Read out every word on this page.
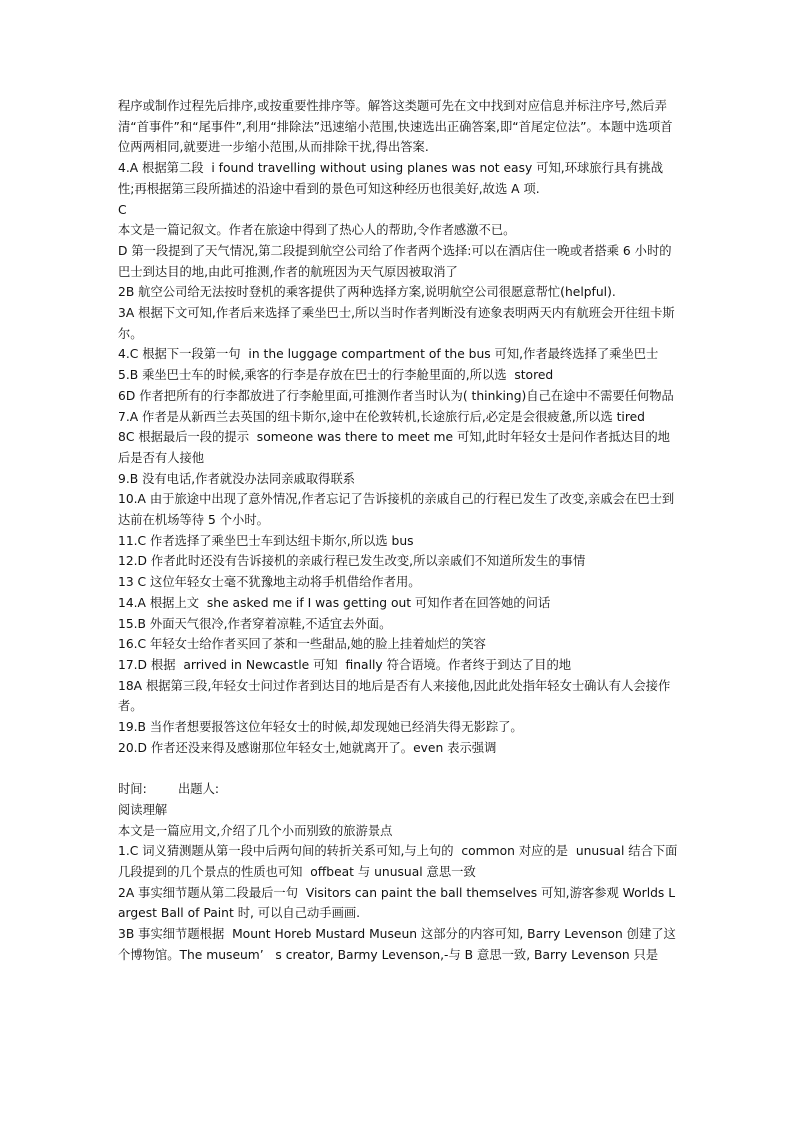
程序或制作过程先后排序,或按重要性排序等。解答这类题可先在文中找到对应信息并标注序号,然后弄清“首事件”和“尾事件”,利用“排除法”迅速缩小范围,快速选出正确答案,即“首尾定位法”。本题中选项首位两两相同,就要进一步缩小范围,从而排除干扰,得出答案.

4.A 根据第二段  i found travelling without using planes was not easy 可知,环球旅行具有挑战性;再根据第三段所描述的沿途中看到的景色可知这种经历也很美好,故选 A 项.

C

本文是一篇记叙文。作者在旅途中得到了热心人的帮助,令作者感激不已。

D 第一段提到了天气情况,第二段提到航空公司给了作者两个选择:可以在酒店住一晚或者搭乘 6 小时的巴士到达目的地,由此可推测,作者的航班因为天气原因被取消了

2B 航空公司给无法按时登机的乘客提供了两种选择方案,说明航空公司很愿意帮忙(helpful).

3A 根据下文可知,作者后来选择了乘坐巴士,所以当时作者判断没有迹象表明两天内有航班会开往纽卡斯尔。

4.C 根据下一段第一句  in the luggage compartment of the bus 可知,作者最终选择了乘坐巴士

5.B 乘坐巴士车的时候,乘客的行李是存放在巴士的行李舱里面的,所以选  stored

6D 作者把所有的行李都放进了行李舱里面,可推测作者当时认为( thinking)自己在途中不需要任何物品

7.A 作者是从新西兰去英国的纽卡斯尔,途中在伦敦转机,长途旅行后,必定是会很疲惫,所以选 tired

8C 根据最后一段的提示  someone was there to meet me 可知,此时年轻女士是问作者抵达目的地后是否有人接他

9.B 没有电话,作者就没办法同亲戚取得联系

10.A 由于旅途中出现了意外情况,作者忘记了告诉接机的亲戚自己的行程已发生了改变,亲戚会在巴士到达前在机场等待 5 个小时。

11.C 作者选择了乘坐巴士车到达纽卡斯尔,所以选 bus

12.D 作者此时还没有告诉接机的亲戚行程已发生改变,所以亲戚们不知道所发生的事情

13 C 这位年轻女士毫不犹豫地主动将手机借给作者用。

14.A 根据上文  she asked me if I was getting out 可知作者在回答她的问话

15.B 外面天气很冷,作者穿着凉鞋,不适宜去外面。

16.C 年轻女士给作者买回了茶和一些甜品,她的脸上挂着灿烂的笑容

17.D 根据  arrived in Newcastle 可知  finally 符合语境。作者终于到达了目的地

18A 根据第三段,年轻女士问过作者到达目的地后是否有人来接他,因此此处指年轻女士确认有人会接作者。

19.B 当作者想要报答这位年轻女士的时候,却发现她已经消失得无影踪了。

20.D 作者还没来得及感谢那位年轻女士,她就离开了。even 表示强调

时间:        出题人:

阅读理解

本文是一篇应用文,介绍了几个小而别致的旅游景点

1.C 词义猜测题从第一段中后两句间的转折关系可知,与上句的  common 对应的是  unusual 结合下面几段提到的几个景点的性质也可知  offbeat 与 unusual 意思一致

2A 事实细节题从第二段最后一句  Visitors can paint the ball themselves 可知,游客参观 Worlds Largest Ball of Paint 时, 可以自己动手画画.

3B 事实细节题根据  Mount Horeb Mustard Museun 这部分的内容可知, Barry Levenson 创建了这个博物馆。The museum’   s creator, Barmy Levenson,-与 B 意思一致, Barry Levenson 只是
